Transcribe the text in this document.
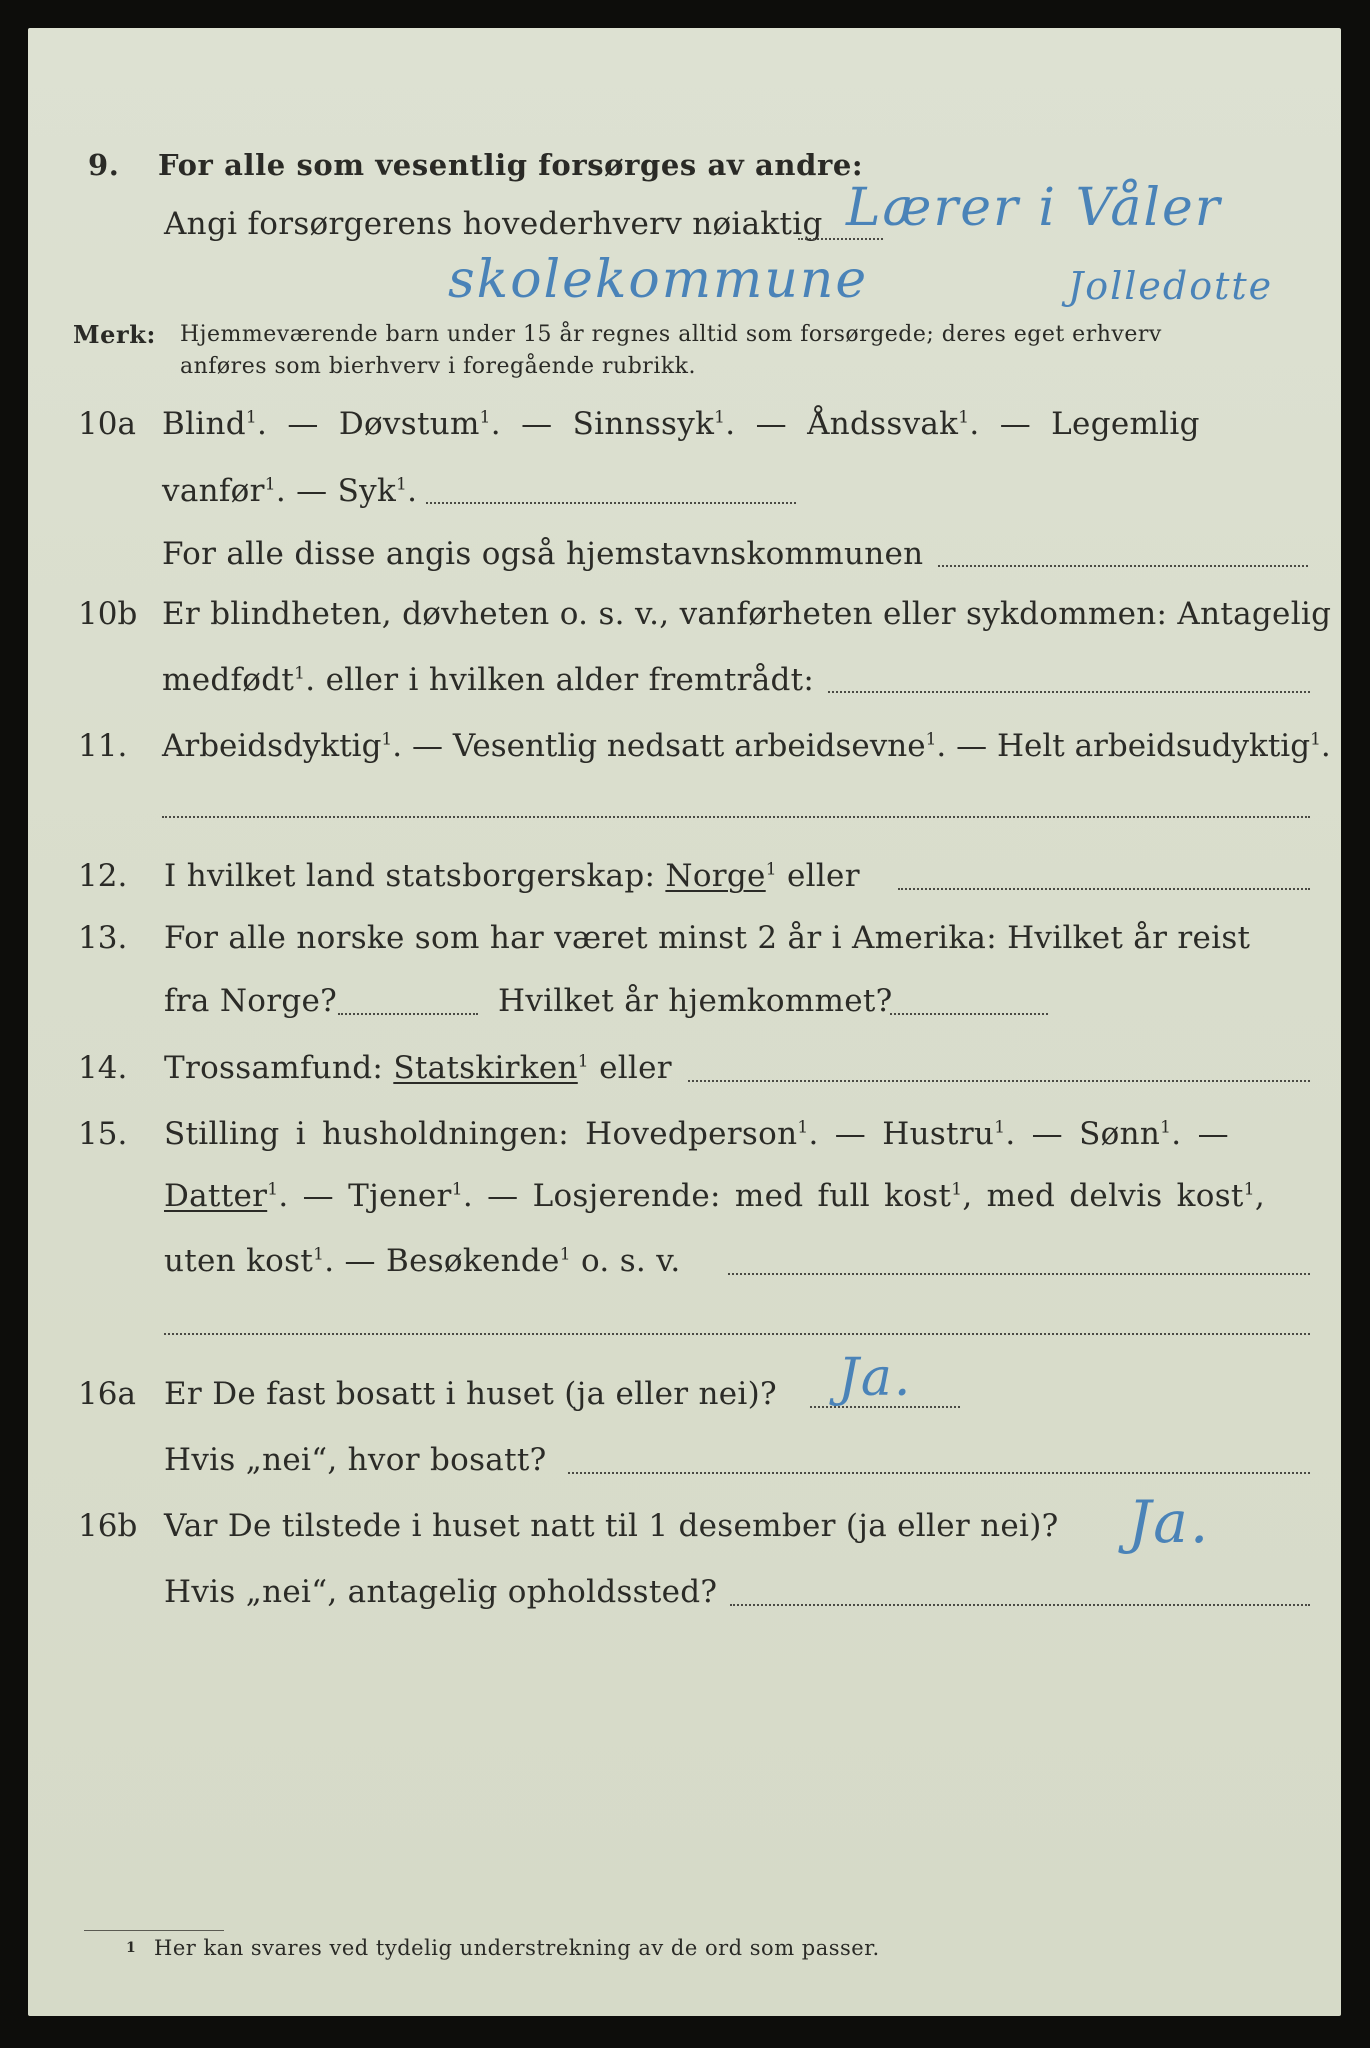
9. For alle som vesentlig forsørges av andre:
Angi forsørgerens hovederhverv nøiaktig Lærer i Våler
skolekommune	Jolledotte
Merk: Hjemmeværende barn under 15 år regnes alltid som forsørgede; deres eget erhverv
anføres som bierhverv i foregående rubrikk.
10a Blind$^1$. — Døvstum$^1$. — Sinnssyk$^1$. — Åndssvak$^1$. — Legemlig
vanfør$^1$. — Syk$^1$.
For alle disse angis også hjemstavnskommunen
10b Er blindheten, døvheten o. s. v., vanførheten eller sykdommen: Antagelig
medfødt$^1$. eller i hvilken alder fremtrådt:
11. Arbeidsdyktig$^1$. — Vesentlig nedsatt arbeidsevne$^1$. — Helt arbeidsudyktig$^1$.
12. I hvilket land statsborgerskap: Norge$^1$ eller
13. For alle norske som har været minst 2 år i Amerika: Hvilket år reist
fra Norge?	Hvilket år hjemkommet?
14. Trossamfund: Statskirken$^1$ eller
15. Stilling i husholdningen: Hovedperson$^1$. — Hustru$^1$. — Sønn$^1$. —
Datter$^1$. — Tjener$^1$. — Losjerende: med full kost$^1$, med delvis kost$^1$,
uten kost$^1$. — Besøkende$^1$ o. s. v.
16a Er De fast bosatt i huset (ja eller nei)? Ja.
Hvis „nei“, hvor bosatt?
16b Var De tilstede i huset natt til 1 desember (ja eller nei)? Ja.
Hvis „nei“, antagelig opholdssted?
1 Her kan svares ved tydelig understrekning av de ord som passer.
